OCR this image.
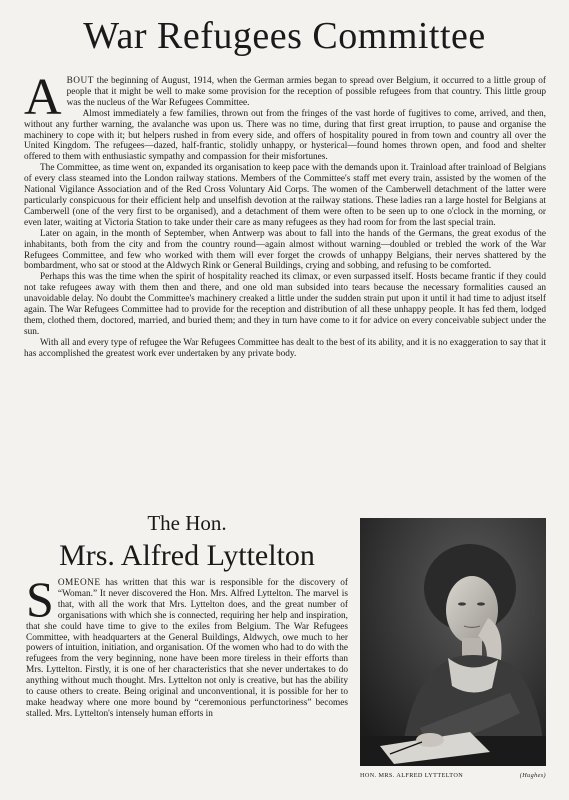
War Refugees Committee

ABOUT the beginning of August, 1914, when the German armies began to spread over Belgium, it occurred to a little group of people that it might be well to make some provision for the reception of possible refugees from that country. This little group was the nucleus of the War Refugees Committee.

Almost immediately a few families, thrown out from the fringes of the vast horde of fugitives to come, arrived, and then, without any further warning, the avalanche was upon us. There was no time, during that first great irruption, to pause and organise the machinery to cope with it; but helpers rushed in from every side, and offers of hospitality poured in from town and country all over the United Kingdom. The refugees—dazed, half-frantic, stolidly unhappy, or hysterical—found homes thrown open, and food and shelter offered to them with enthusiastic sympathy and compassion for their misfortunes.

The Committee, as time went on, expanded its organisation to keep pace with the demands upon it. Trainload after trainload of Belgians of every class steamed into the London railway stations. Members of the Committee's staff met every train, assisted by the women of the National Vigilance Association and of the Red Cross Voluntary Aid Corps. The women of the Camberwell detachment of the latter were particularly conspicuous for their efficient help and unselfish devotion at the railway stations. These ladies ran a large hostel for Belgians at Camberwell (one of the very first to be organised), and a detachment of them were often to be seen up to one o'clock in the morning, or even later, waiting at Victoria Station to take under their care as many refugees as they had room for from the last special train.

Later on again, in the month of September, when Antwerp was about to fall into the hands of the Germans, the great exodus of the inhabitants, both from the city and from the country round—again almost without warning—doubled or trebled the work of the War Refugees Committee, and few who worked with them will ever forget the crowds of unhappy Belgians, their nerves shattered by the bombardment, who sat or stood at the Aldwych Rink or General Buildings, crying and sobbing, and refusing to be comforted.

Perhaps this was the time when the spirit of hospitality reached its climax, or even surpassed itself. Hosts became frantic if they could not take refugees away with them then and there, and one old man subsided into tears because the necessary formalities caused an unavoidable delay. No doubt the Committee's machinery creaked a little under the sudden strain put upon it until it had time to adjust itself again. The War Refugees Committee had to provide for the reception and distribution of all these unhappy people. It has fed them, lodged them, clothed them, doctored, married, and buried them; and they in turn have come to it for advice on every conceivable subject under the sun.

With all and every type of refugee the War Refugees Committee has dealt to the best of its ability, and it is no exaggeration to say that it has accomplished the greatest work ever undertaken by any private body.

The Hon.
Mrs. Alfred Lyttelton

SOMEONE has written that this war is responsible for the discovery of “Woman.” It never discovered the Hon. Mrs. Alfred Lyttelton. The marvel is that, with all the work that Mrs. Lyttelton does, and the great number of organisations with which she is connected, requiring her help and inspiration, that she could have time to give to the exiles from Belgium. The War Refugees Committee, with headquarters at the General Buildings, Aldwych, owe much to her powers of intuition, initiation, and organisation. Of the women who had to do with the refugees from the very beginning, none have been more tireless in their efforts than Mrs. Lyttelton. Firstly, it is one of her characteristics that she never undertakes to do anything without much thought. Mrs. Lyttelton not only is creative, but has the ability to cause others to create. Being original and unconventional, it is possible for her to make headway where one more bound by “ceremonious perfunctoriness” becomes stalled. Mrs. Lyttelton's intensely human efforts in

HON. MRS. ALFRED LYTTELTON	(Hughes)
